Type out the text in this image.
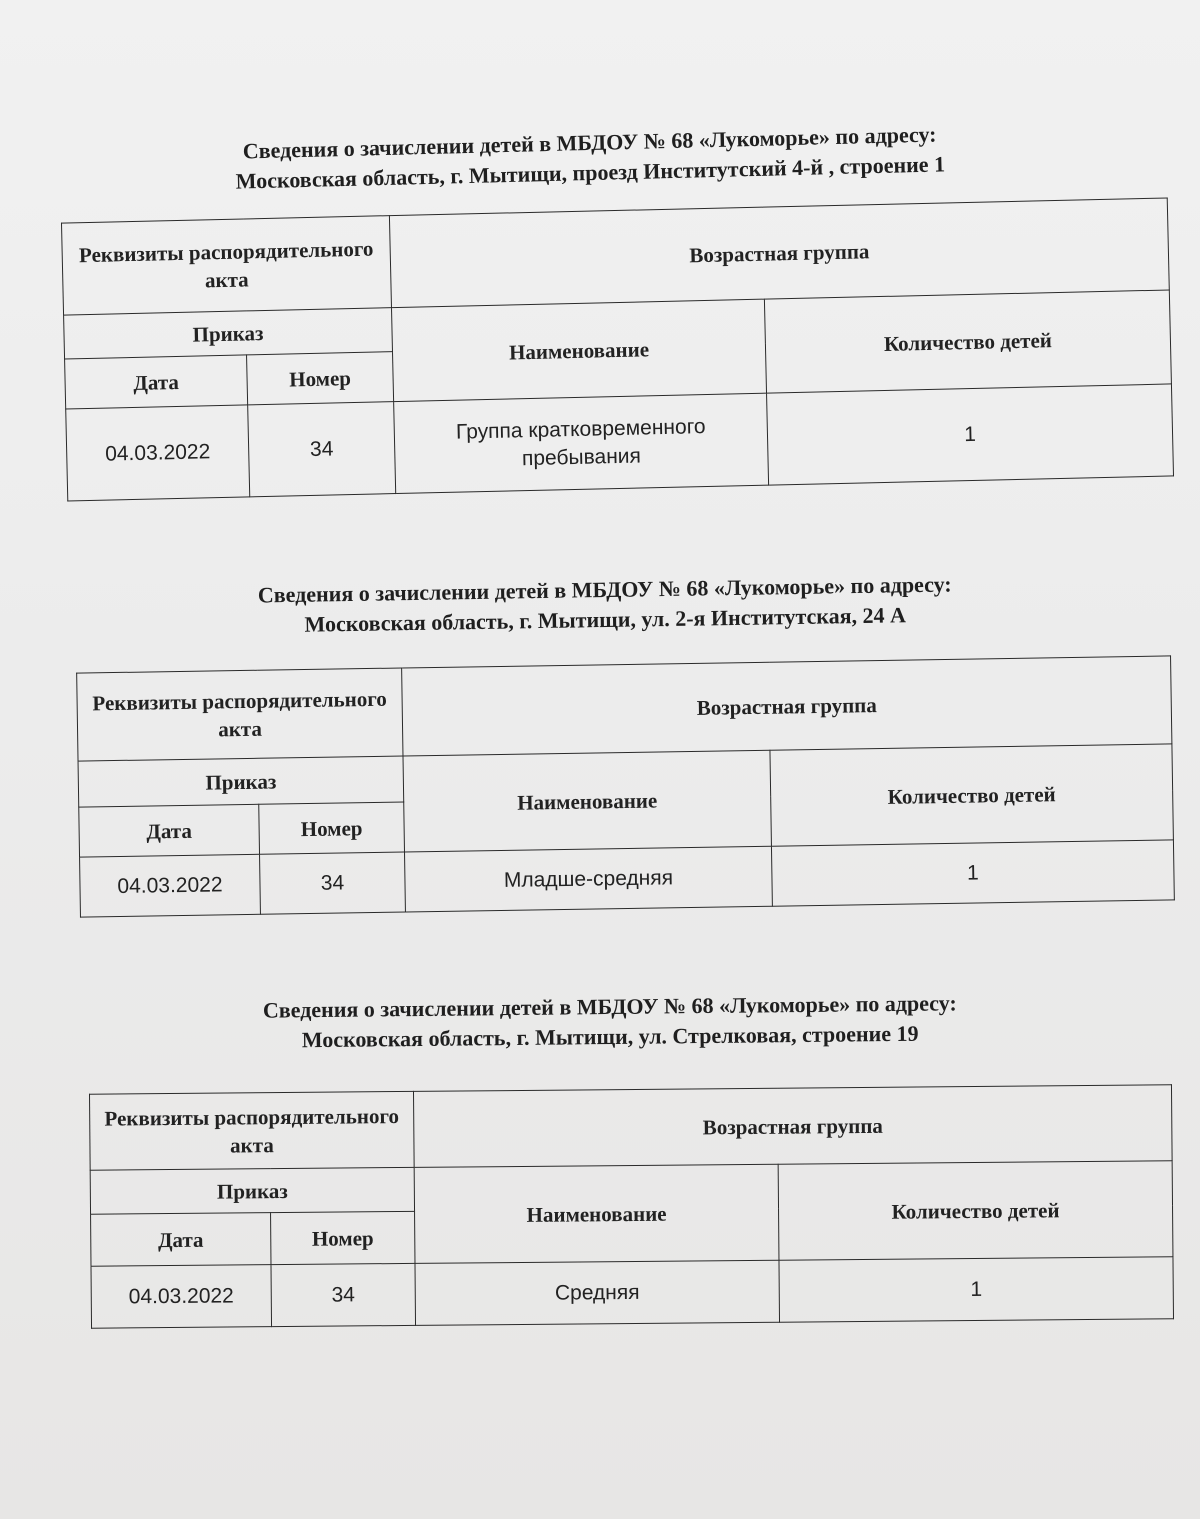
Сведения о зачислении детей в МБДОУ № 68 «Лукоморье» по адресу:
Московская область, г. Мытищи, проезд Институтский 4-й , строение 1
Реквизиты распорядительного акта		Возрастная группа	
Приказ		Наименование	Количество детей
Дата	Номер		
04.03.2022	34	Группа кратковременного пребывания	1
Сведения о зачислении детей в МБДОУ № 68 «Лукоморье» по адресу:
Московская область, г. Мытищи, ул. 2-я Институтская, 24 А
Реквизиты распорядительного акта		Возрастная группа	
Приказ		Наименование	Количество детей
Дата	Номер		
04.03.2022	34	Младше-средняя	1
Сведения о зачислении детей в МБДОУ № 68 «Лукоморье» по адресу:
Московская область, г. Мытищи, ул. Стрелковая, строение 19
Реквизиты распорядительного акта		Возрастная группа	
Приказ		Наименование	Количество детей
Дата	Номер		
04.03.2022	34	Средняя	1
